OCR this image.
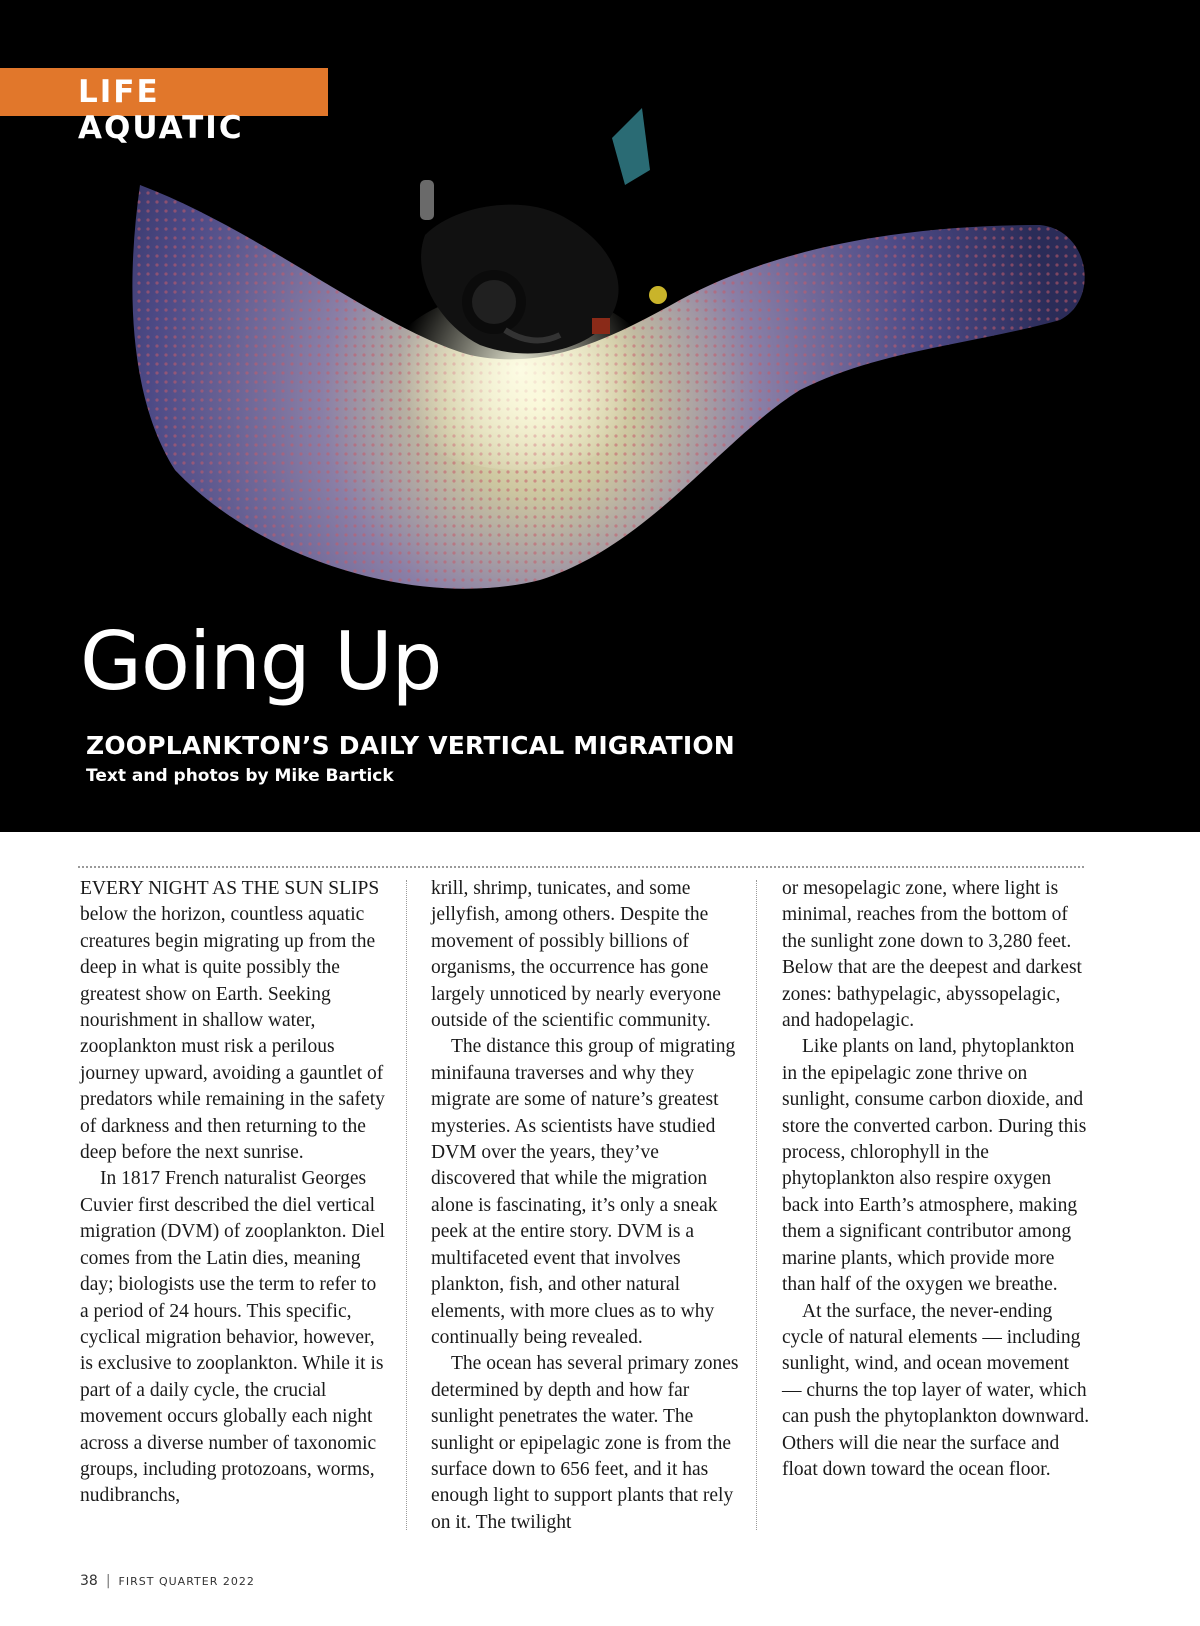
LIFE AQUATIC
Going Up
ZOOPLANKTON’S DAILY VERTICAL MIGRATION
Text and photos by Mike Bartick

EVERY NIGHT AS THE SUN SLIPS below the horizon, countless aquatic creatures begin migrating up from the deep in what is quite possibly the greatest show on Earth. Seeking nourishment in shallow water, zooplankton must risk a perilous journey upward, avoiding a gauntlet of predators while remaining in the safety of darkness and then returning to the deep before the next sunrise.

In 1817 French naturalist Georges Cuvier first described the diel vertical migration (DVM) of zooplankton. Diel comes from the Latin dies, meaning day; biologists use the term to refer to a period of 24 hours. This specific, cyclical migration behavior, however, is exclusive to zooplankton. While it is part of a daily cycle, the crucial movement occurs globally each night across a diverse number of taxonomic groups, including protozoans, worms, nudibranchs,

krill, shrimp, tunicates, and some jellyfish, among others. Despite the movement of possibly billions of organisms, the occurrence has gone largely unnoticed by nearly everyone outside of the scientific community.

The distance this group of migrating minifauna traverses and why they migrate are some of nature’s greatest mysteries. As scientists have studied DVM over the years, they’ve discovered that while the migration alone is fascinating, it’s only a sneak peek at the entire story. DVM is a multifaceted event that involves plankton, fish, and other natural elements, with more clues as to why continually being revealed.

The ocean has several primary zones determined by depth and how far sunlight penetrates the water. The sunlight or epipelagic zone is from the surface down to 656 feet, and it has enough light to support plants that rely on it. The twilight

or mesopelagic zone, where light is minimal, reaches from the bottom of the sunlight zone down to 3,280 feet. Below that are the deepest and darkest zones: bathypelagic, abyssopelagic, and hadopelagic.

Like plants on land, phytoplankton in the epipelagic zone thrive on sunlight, consume carbon dioxide, and store the converted carbon. During this process, chlorophyll in the phytoplankton also respire oxygen back into Earth’s atmosphere, making them a significant contributor among marine plants, which provide more than half of the oxygen we breathe.

At the surface, the never-ending cycle of natural elements — including sunlight, wind, and ocean movement — churns the top layer of water, which can push the phytoplankton downward. Others will die near the surface and float down toward the ocean floor.

38 | FIRST QUARTER 2022
